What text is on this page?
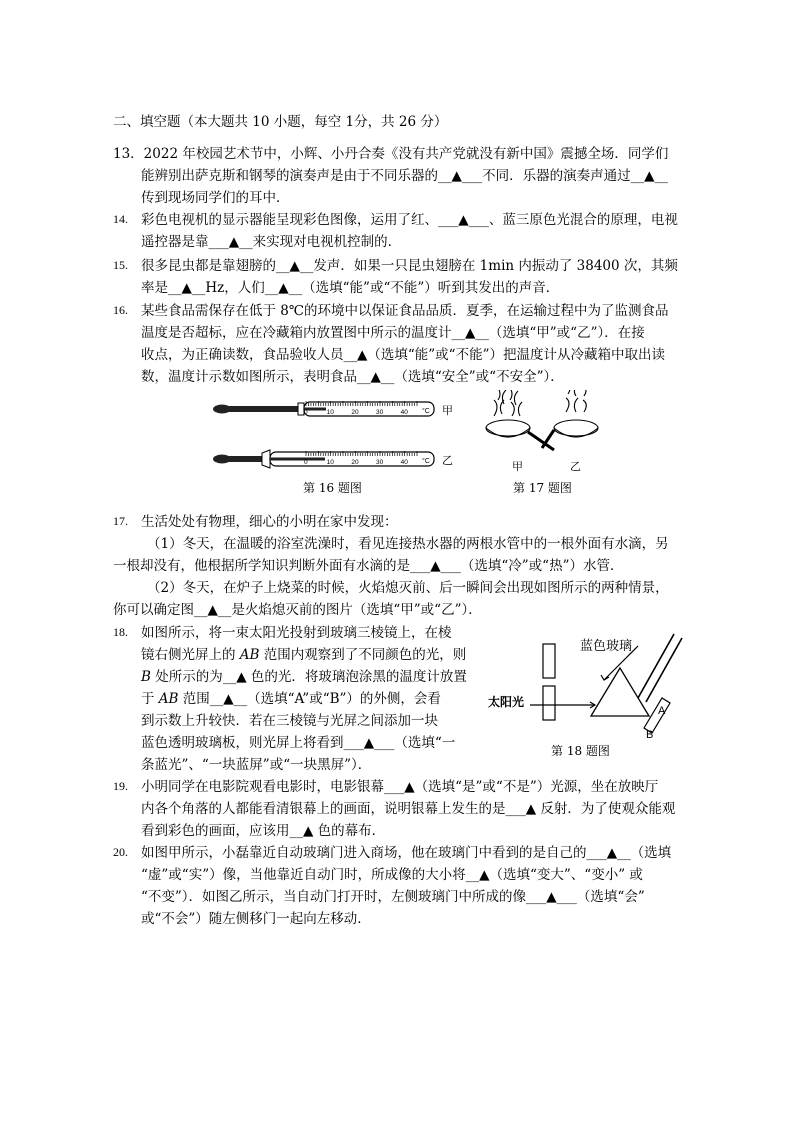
二、填空题（本大题共 10 小题，每空 1分，共 26 分）
13．2022 年校园艺术节中，小辉、小丹合奏《没有共产党就没有新中国》震撼全场．同学们
能辨别出萨克斯和钢琴的演奏声是由于不同乐器的__▲___不同．乐器的演奏声通过__▲__
传到现场同学们的耳中．
14. 彩色电视机的显示器能呈现彩色图像，运用了红、___▲___、蓝三原色光混合的原理，电视
遥控器是靠___▲__来实现对电视机控制的．
15. 很多昆虫都是靠翅膀的__▲__发声．如果一只昆虫翅膀在 1min 内振动了 38400 次，其频
率是__▲__Hz，人们__▲__（选填“能”或“不能”）听到其发出的声音．
16. 某些食品需保存在低于 8℃的环境中以保证食品品质．夏季，在运输过程中为了监测食品
温度是否超标，应在冷藏箱内放置图中所示的温度计__▲__（选填“甲”或“乙”）．在接
收点，为正确读数，食品验收人员__▲（选填“能”或“不能”）把温度计从冷藏箱中取出读
数，温度计示数如图所示，表明食品__▲__（选填“安全”或“不安全”）．
°C 甲
°C 乙
0	10	20	30	40
0	10	20	30	40
第 16 题图
甲	乙
第 17 题图
17. 生活处处有物理，细心的小明在家中发现：
（1）冬天，在温暖的浴室洗澡时，看见连接热水器的两根水管中的一根外面有水滴，另
一根却没有，他根据所学知识判断外面有水滴的是___▲___（选填“冷”或“热”）水管．
（2）冬天，在炉子上烧菜的时候，火焰熄灭前、后一瞬间会出现如图所示的两种情景，
你可以确定图__▲__是火焰熄灭前的图片（选填“甲”或“乙”）．
18. 如图所示，将一束太阳光投射到玻璃三棱镜上，在棱
镜右侧光屏上的 AB 范围内观察到了不同颜色的光，则
B 处所示的为__▲ 色的光．将玻璃泡涂黑的温度计放置
于 AB 范围__▲__（选填“A”或“B”）的外侧，会看
到示数上升较快．若在三棱镜与光屏之间添加一块
蓝色透明玻璃板，则光屏上将看到___▲___（选填“一
条蓝光”、“一块蓝屏”或“一块黑屏”）．
蓝色玻璃
太阳光
A
B
第 18 题图
19. 小明同学在电影院观看电影时，电影银幕___▲（选填“是”或“不是”）光源，坐在放映厅
内各个角落的人都能看清银幕上的画面，说明银幕上发生的是___▲ 反射．为了使观众能观
看到彩色的画面，应该用__▲ 色的幕布．
20. 如图甲所示，小磊靠近自动玻璃门进入商场，他在玻璃门中看到的是自己的___▲__（选填
“虚”或“实”）像，当他靠近自动门时，所成像的大小将__▲（选填“变大”、“变小” 或
“不变”）．如图乙所示，当自动门打开时，左侧玻璃门中所成的像___▲___（选填“会”
或“不会”）随左侧移门一起向左移动．
